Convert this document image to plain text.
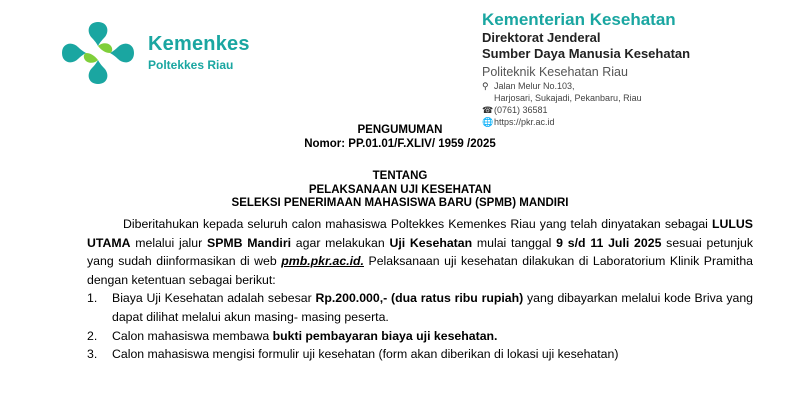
Kemenkes
Poltekkes Riau
Kementerian Kesehatan
Direktorat Jenderal
Sumber Daya Manusia Kesehatan
Politeknik Kesehatan Riau
⚲ Jalan Melur No.103,
Harjosari, Sukajadi, Pekanbaru, Riau
☎ (0761) 36581
🌐 https://pkr.ac.id
PENGUMUMAN
Nomor: PP.01.01/F.XLIV/ 1959 /2025
TENTANG
PELAKSANAAN UJI KESEHATAN
SELEKSI PENERIMAAN MAHASISWA BARU (SPMB) MANDIRI
Diberitahukan kepada seluruh calon mahasiswa Poltekkes Kemenkes Riau yang telah dinyatakan sebagai LULUS UTAMA melalui jalur SPMB Mandiri agar melakukan Uji Kesehatan mulai tanggal 9 s/d 11 Juli 2025 sesuai petunjuk yang sudah diinformasikan di web pmb.pkr.ac.id. Pelaksanaan uji kesehatan dilakukan di Laboratorium Klinik Pramitha dengan ketentuan sebagai berikut:
1.	Biaya Uji Kesehatan adalah sebesar Rp.200.000,- (dua ratus ribu rupiah) yang dibayarkan melalui kode Briva yang dapat dilihat melalui akun masing- masing peserta.
2.	Calon mahasiswa membawa bukti pembayaran biaya uji kesehatan.
3.	Calon mahasiswa mengisi formulir uji kesehatan (form akan diberikan di lokasi uji kesehatan)
